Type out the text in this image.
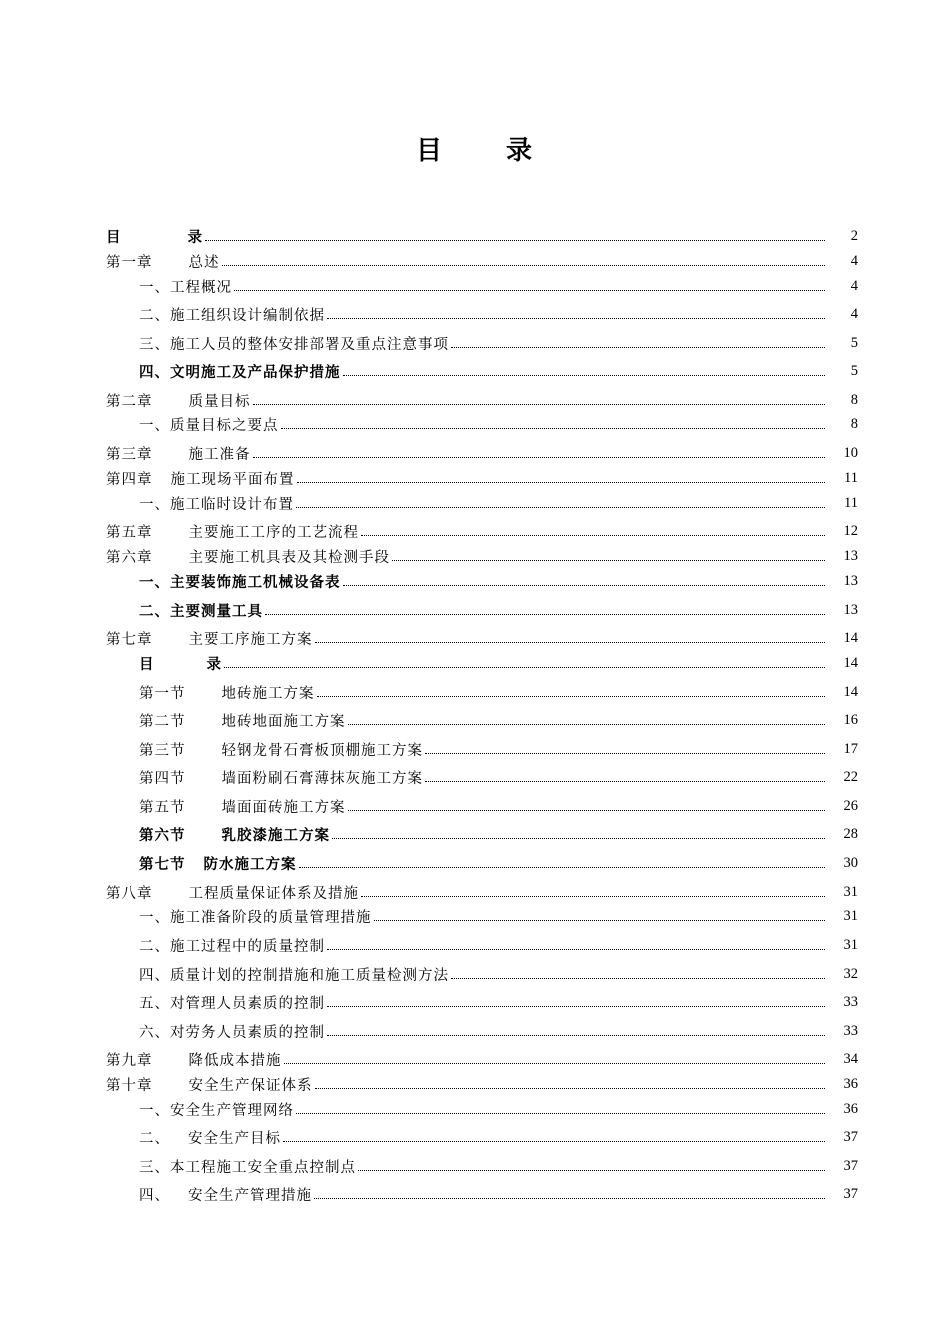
目 录
目	录	2
第一章 总述	4
一、 工程概况	4
二、 施工组织设计编制依据	4
三、 施工人员的整体安排部署及重点注意事项	5
四、 文明施工及产品保护措施	5
第二章 质量目标	8
一、 质量目标之要点	8
第三章 施工准备	10
第四章 施工现场平面布置	11
一、 施工临时设计布置	11
第五章 主要施工工序的工艺流程	12
第六章 主要施工机具表及其检测手段	13
一、 主要装饰施工机械设备表	13
二、 主要测量工具	13
第七章 主要工序施工方案	14
目	录	14
第一节 地砖施工方案	14
第二节 地砖地面施工方案	16
第三节 轻钢龙骨石膏板顶棚施工方案	17
第四节 墙面粉刷石膏薄抹灰施工方案	22
第五节 墙面面砖施工方案	26
第六节 乳胶漆施工方案	28
第七节 防水施工方案	30
第八章 工程质量保证体系及措施	31
一、 施工准备阶段的质量管理措施	31
二、 施工过程中的质量控制	31
四、 质量计划的控制措施和施工质量检测方法	32
五、 对管理人员素质的控制	33
六、 对劳务人员素质的控制	33
第九章 降低成本措施	34
第十章 安全生产保证体系	36
一、 安全生产管理网络	36
二、 安全生产目标	37
三、 本工程施工安全重点控制点	37
四、 安全生产管理措施	37
